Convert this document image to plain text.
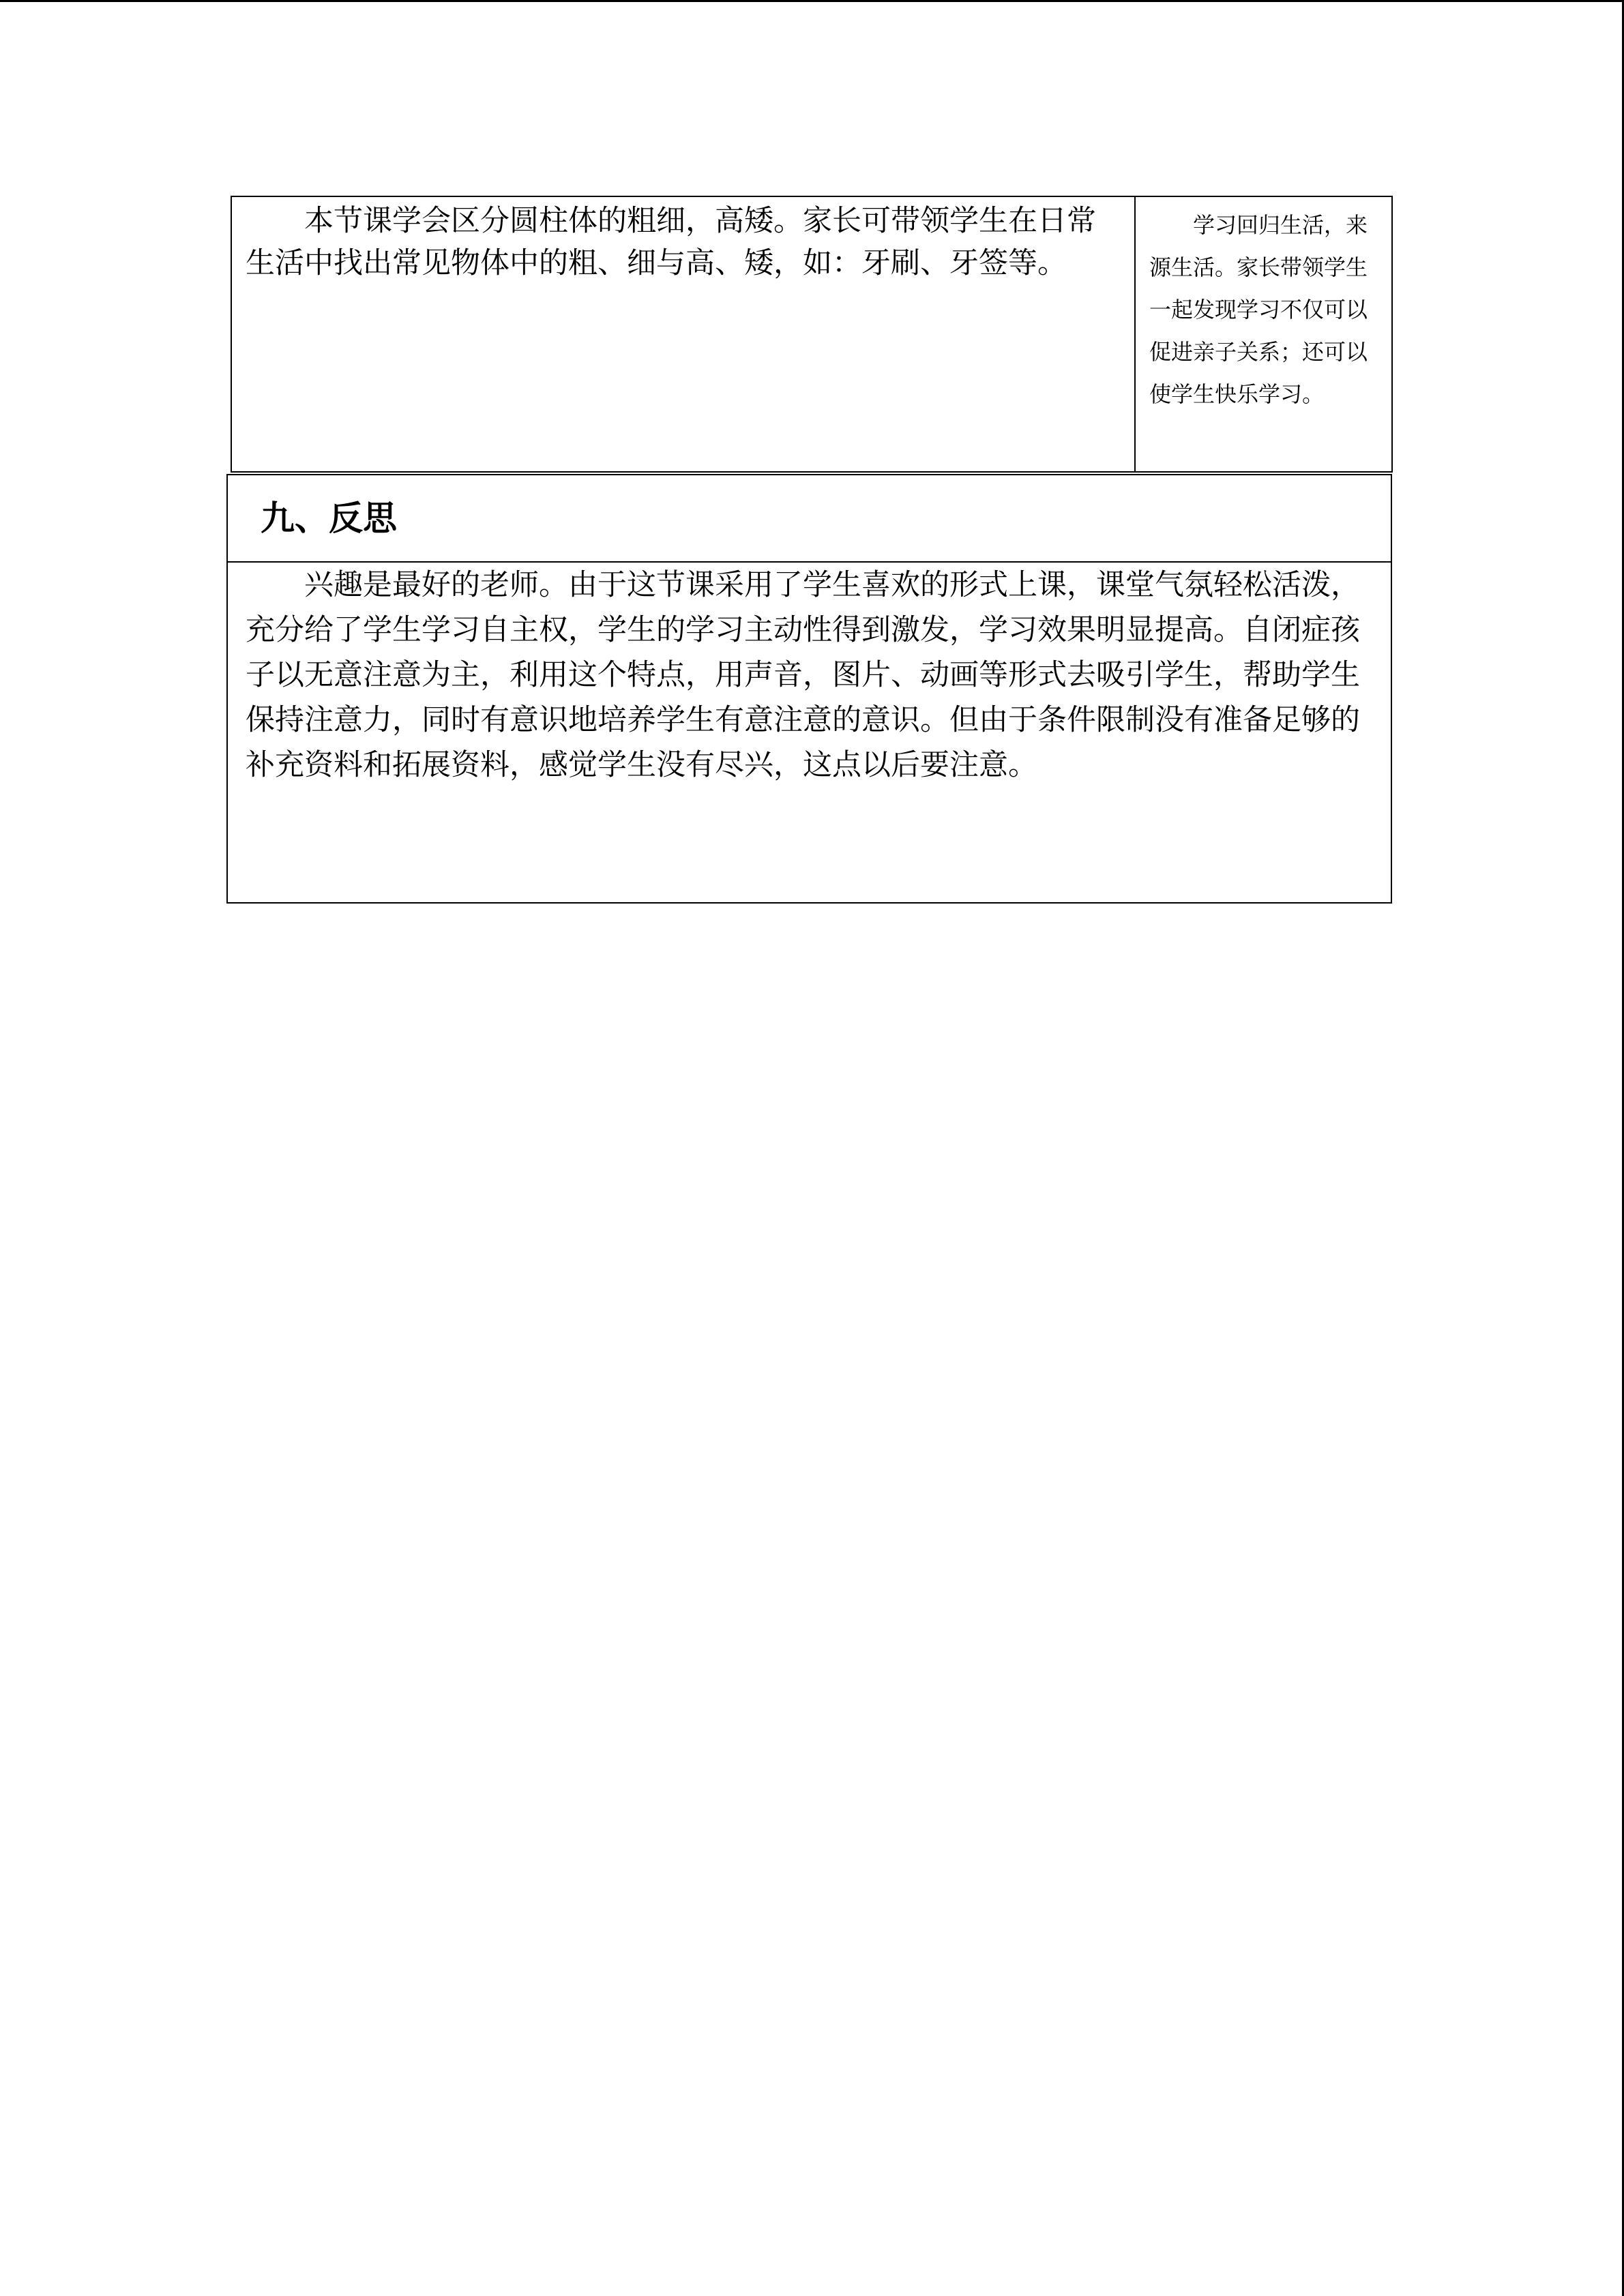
本节课学会区分圆柱体的粗细，高矮。家长可带领学生在日常生活中找出常见物体中的粗、细与高、矮，如：牙刷、牙签等。

学习回归生活，来源生活。家长带领学生一起发现学习不仅可以促进亲子关系；还可以使学生快乐学习。

九、反思

兴趣是最好的老师。由于这节课采用了学生喜欢的形式上课，课堂气氛轻松活泼，充分给了学生学习自主权，学生的学习主动性得到激发，学习效果明显提高。自闭症孩子以无意注意为主，利用这个特点，用声音，图片、动画等形式去吸引学生，帮助学生保持注意力，同时有意识地培养学生有意注意的意识。但由于条件限制没有准备足够的补充资料和拓展资料，感觉学生没有尽兴，这点以后要注意。
